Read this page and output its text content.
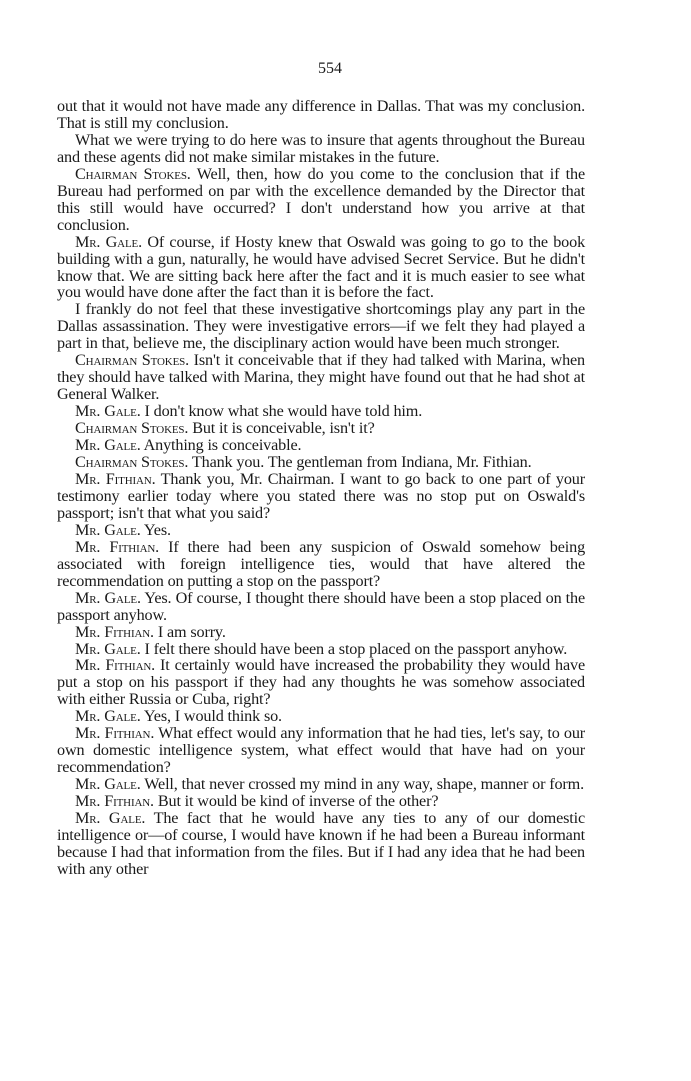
554

out that it would not have made any difference in Dallas. That was my conclusion. That is still my conclusion.

What we were trying to do here was to insure that agents throughout the Bureau and these agents did not make similar mistakes in the future.

Chairman Stokes. Well, then, how do you come to the conclusion that if the Bureau had performed on par with the excellence demanded by the Director that this still would have occurred? I don't understand how you arrive at that conclusion.

Mr. Gale. Of course, if Hosty knew that Oswald was going to go to the book building with a gun, naturally, he would have advised Secret Service. But he didn't know that. We are sitting back here after the fact and it is much easier to see what you would have done after the fact than it is before the fact.

I frankly do not feel that these investigative shortcomings play any part in the Dallas assassination. They were investigative errors—if we felt they had played a part in that, believe me, the disciplinary action would have been much stronger.

Chairman Stokes. Isn't it conceivable that if they had talked with Marina, when they should have talked with Marina, they might have found out that he had shot at General Walker.

Mr. Gale. I don't know what she would have told him.

Chairman Stokes. But it is conceivable, isn't it?

Mr. Gale. Anything is conceivable.

Chairman Stokes. Thank you. The gentleman from Indiana, Mr. Fithian.

Mr. Fithian. Thank you, Mr. Chairman. I want to go back to one part of your testimony earlier today where you stated there was no stop put on Oswald's passport; isn't that what you said?

Mr. Gale. Yes.

Mr. Fithian. If there had been any suspicion of Oswald somehow being associated with foreign intelligence ties, would that have altered the recommendation on putting a stop on the passport?

Mr. Gale. Yes. Of course, I thought there should have been a stop placed on the passport anyhow.

Mr. Fithian. I am sorry.

Mr. Gale. I felt there should have been a stop placed on the passport anyhow.

Mr. Fithian. It certainly would have increased the probability they would have put a stop on his passport if they had any thoughts he was somehow associated with either Russia or Cuba, right?

Mr. Gale. Yes, I would think so.

Mr. Fithian. What effect would any information that he had ties, let's say, to our own domestic intelligence system, what effect would that have had on your recommendation?

Mr. Gale. Well, that never crossed my mind in any way, shape, manner or form.

Mr. Fithian. But it would be kind of inverse of the other?

Mr. Gale. The fact that he would have any ties to any of our domestic intelligence or—of course, I would have known if he had been a Bureau informant because I had that information from the files. But if I had any idea that he had been with any other
